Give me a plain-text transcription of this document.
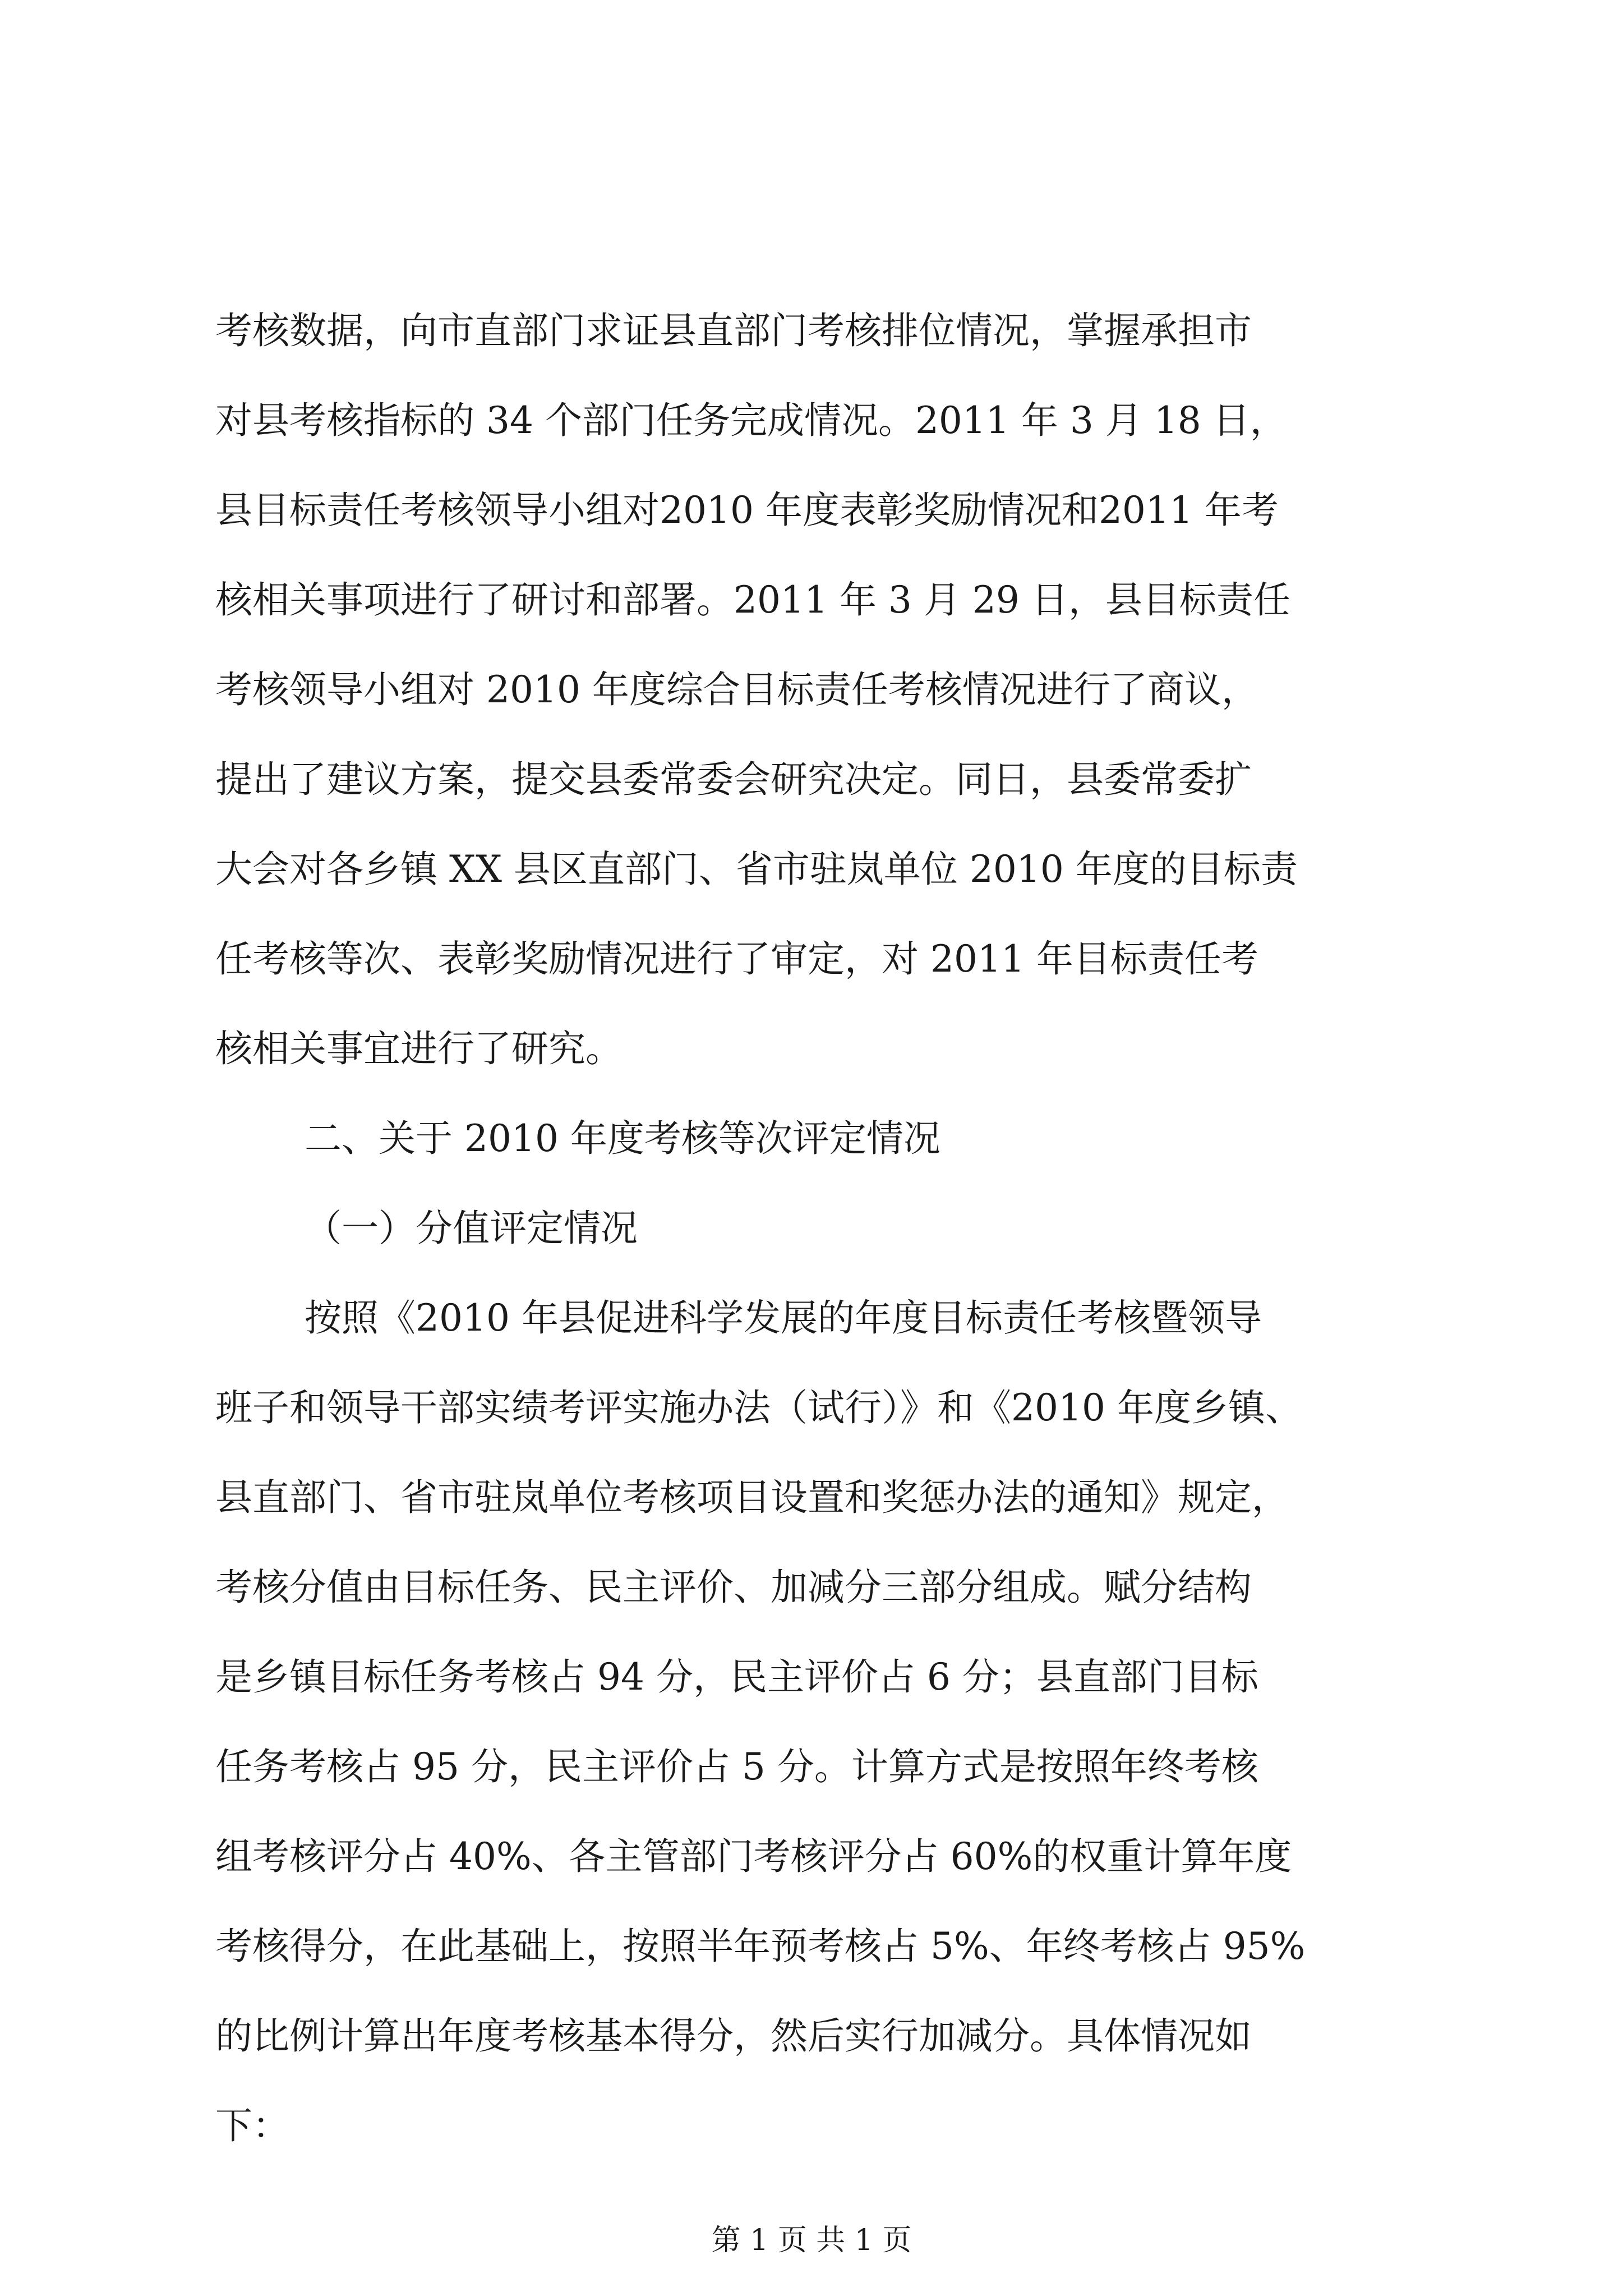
考核数据，向市直部门求证县直部门考核排位情况，掌握承担市
对县考核指标的 34 个部门任务完成情况。2011 年 3 月 18 日，
县目标责任考核领导小组对2010 年度表彰奖励情况和2011 年考
核相关事项进行了研讨和部署。2011 年 3 月 29 日，县目标责任
考核领导小组对 2010 年度综合目标责任考核情况进行了商议，
提出了建议方案，提交县委常委会研究决定。同日，县委常委扩
大会对各乡镇 XX 县区直部门、省市驻岚单位 2010 年度的目标责
任考核等次、表彰奖励情况进行了审定，对 2011 年目标责任考
核相关事宜进行了研究。
二、关于 2010 年度考核等次评定情况
（一）分值评定情况
按照《2010 年县促进科学发展的年度目标责任考核暨领导
班子和领导干部实绩考评实施办法（试行）》和《2010 年度乡镇、
县直部门、省市驻岚单位考核项目设置和奖惩办法的通知》规定，
考核分值由目标任务、民主评价、加减分三部分组成。赋分结构
是乡镇目标任务考核占 94 分，民主评价占 6 分；县直部门目标
任务考核占 95 分，民主评价占 5 分。计算方式是按照年终考核
组考核评分占 40%、各主管部门考核评分占 60%的权重计算年度
考核得分，在此基础上，按照半年预考核占 5%、年终考核占 95%
的比例计算出年度考核基本得分，然后实行加减分。具体情况如
下：
第 1 页 共 1 页
